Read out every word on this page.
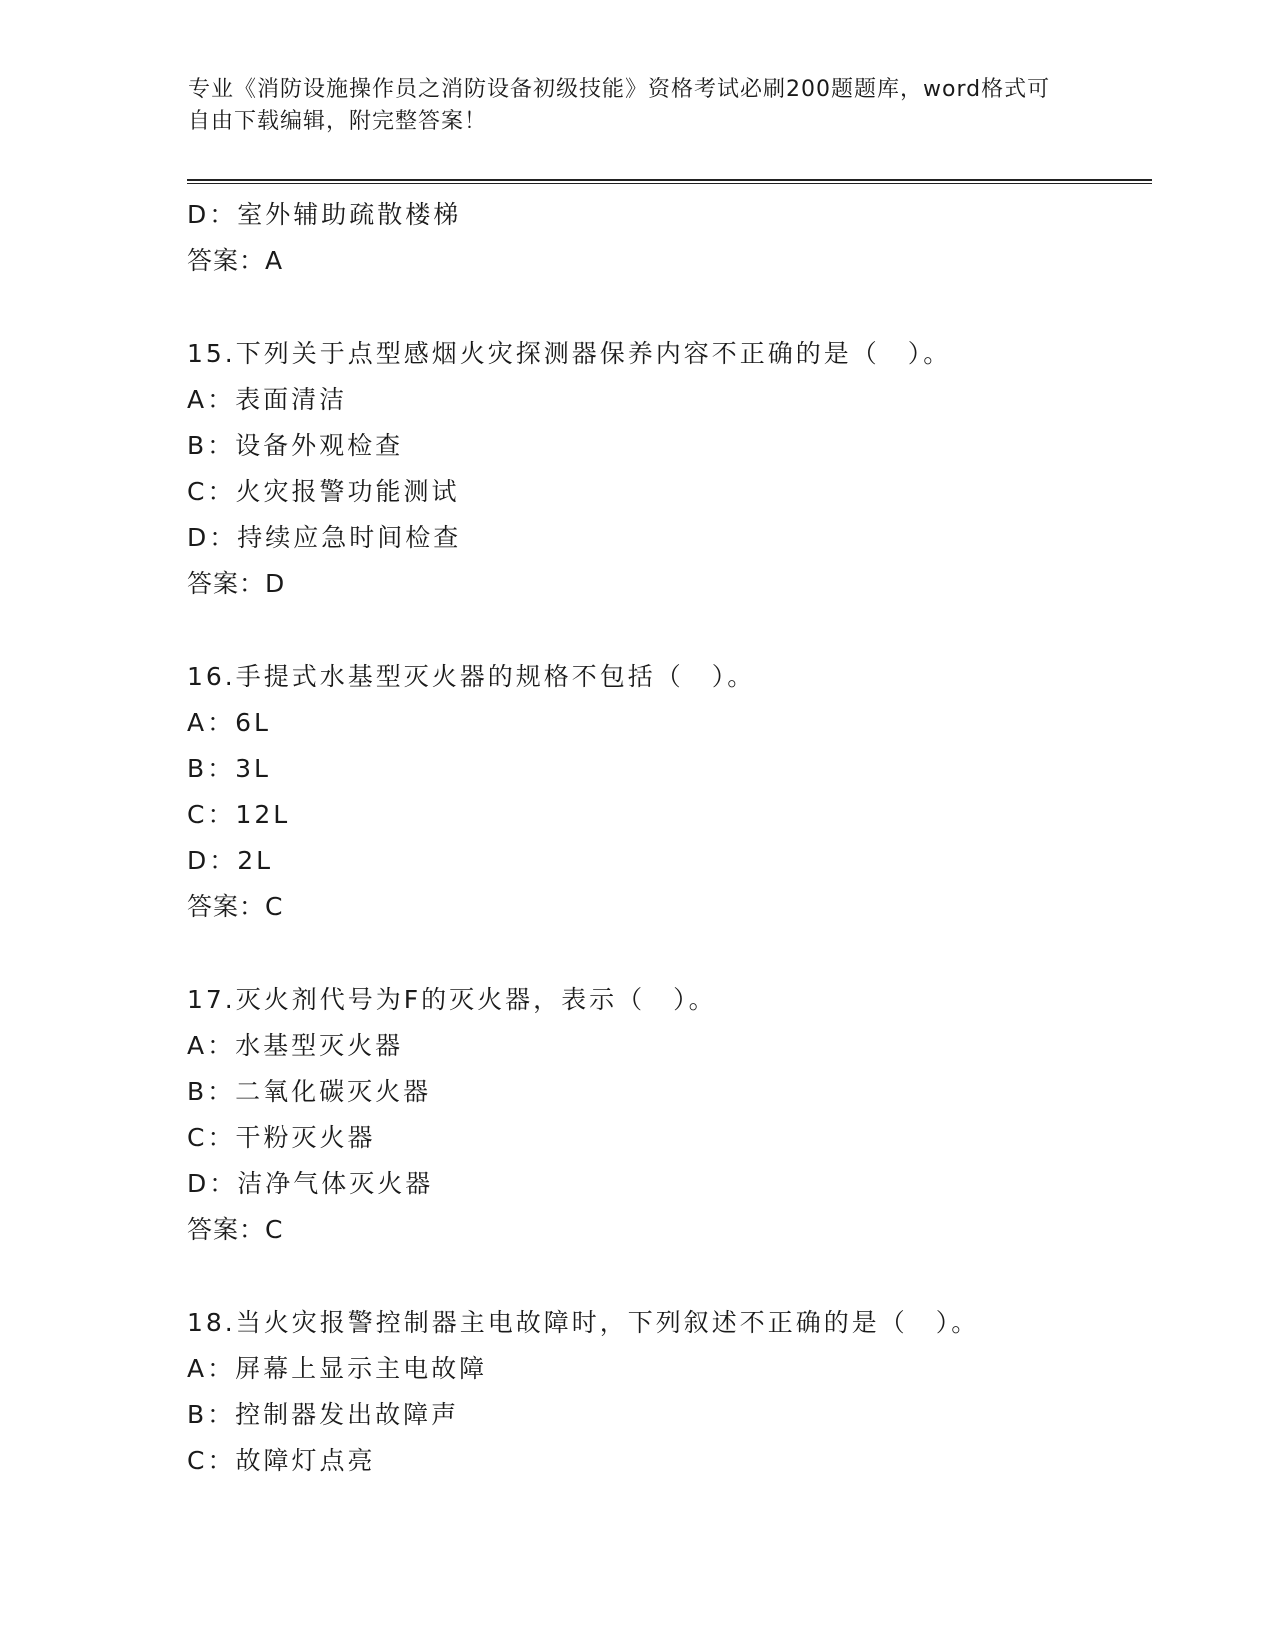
专业《消防设施操作员之消防设备初级技能》资格考试必刷200题题库，word格式可自由下载编辑，附完整答案！
D：室外辅助疏散楼梯
答案：A
15.下列关于点型感烟火灾探测器保养内容不正确的是（　）。
A：表面清洁
B：设备外观检查
C：火灾报警功能测试
D：持续应急时间检查
答案：D
16.手提式水基型灭火器的规格不包括（　）。
A：6L
B：3L
C：12L
D：2L
答案：C
17.灭火剂代号为F的灭火器，表示（　）。
A：水基型灭火器
B：二氧化碳灭火器
C：干粉灭火器
D：洁净气体灭火器
答案：C
18.当火灾报警控制器主电故障时，下列叙述不正确的是（　）。
A：屏幕上显示主电故障
B：控制器发出故障声
C：故障灯点亮
